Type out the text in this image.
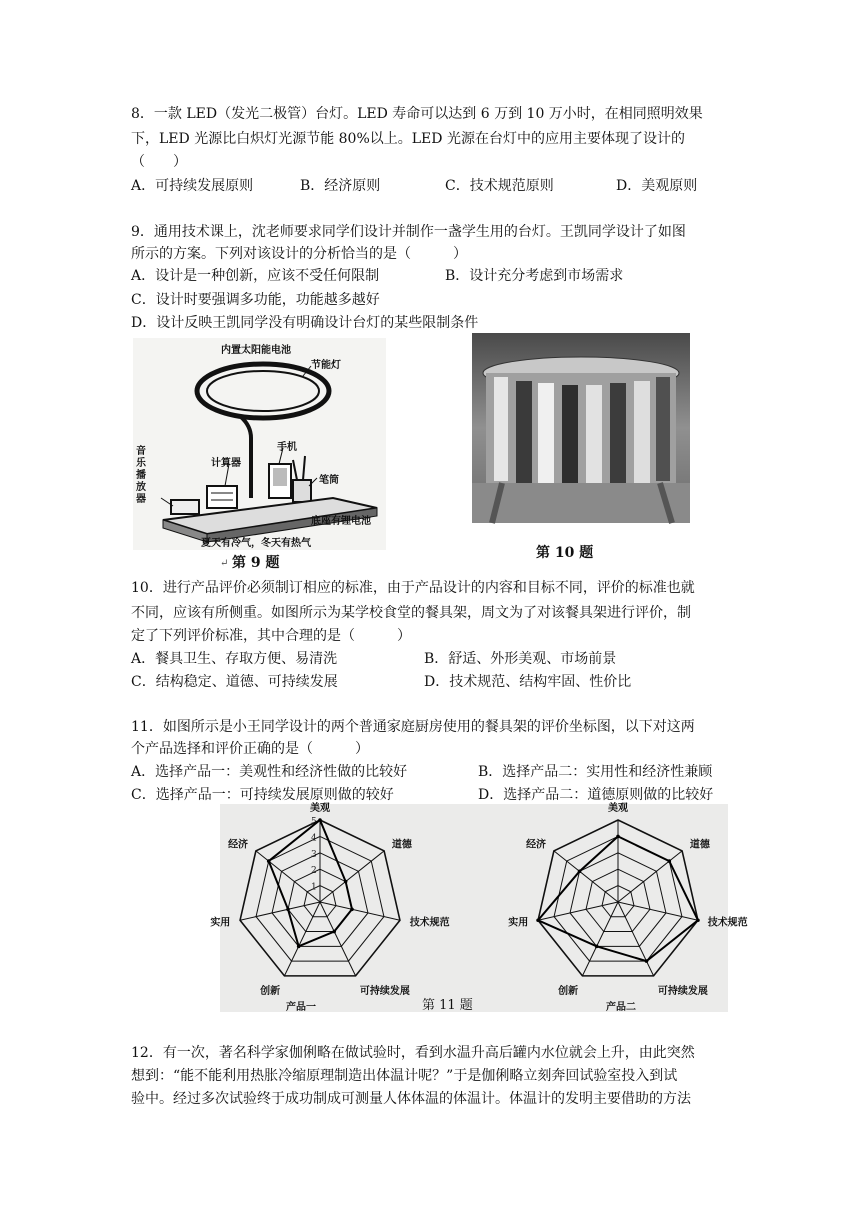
8．一款 LED（发光二极管）台灯。LED 寿命可以达到 6 万到 10 万小时，在相同照明效果
下，LED 光源比白炽灯光源节能 80%以上。LED 光源在台灯中的应用主要体现了设计的
（　　）
A．可持续发展原则	B．经济原则	C．技术规范原则	D．美观原则
9．通用技术课上，沈老师要求同学们设计并制作一盏学生用的台灯。王凯同学设计了如图
所示的方案。下列对该设计的分析恰当的是（　　　）
A．设计是一种创新，应该不受任何限制	B．设计充分考虑到市场需求
C．设计时要强调多功能，功能越多越好
D．设计反映王凯同学没有明确设计台灯的某些限制条件
内置太阳能电池
节能灯
手机
计算器
笔筒
音乐播放器
底座有锂电池
夏天有冷气，冬天有热气
第 9 题
↵
第 10 题
10．进行产品评价必须制订相应的标准，由于产品设计的内容和目标不同，评价的标准也就
不同，应该有所侧重。如图所示为某学校食堂的餐具架，周文为了对该餐具架进行评价，制
定了下列评价标准，其中合理的是（　　　）
A．餐具卫生、存取方便、易清洗	B．舒适、外形美观、市场前景
C．结构稳定、道德、可持续发展	D．技术规范、结构牢固、性价比
11．如图所示是小王同学设计的两个普通家庭厨房使用的餐具架的评价坐标图，以下对这两
个产品选择和评价正确的是（　　　）
A．选择产品一：美观性和经济性做的比较好	B．选择产品二：实用性和经济性兼顾
C．选择产品一：可持续发展原则做的较好	D．选择产品二：道德原则做的比较好
1
2
3
4
5
美观
道德
技术规范
可持续发展
创新
实用
经济
产品一
美观
道德
技术规范
可持续发展
创新
实用
经济
产品二
第 11 题
12．有一次，著名科学家伽俐略在做试验时，看到水温升高后罐内水位就会上升，由此突然
想到：“能不能利用热胀冷缩原理制造出体温计呢？”于是伽俐略立刻奔回试验室投入到试
验中。经过多次试验终于成功制成可测量人体体温的体温计。体温计的发明主要借助的方法
